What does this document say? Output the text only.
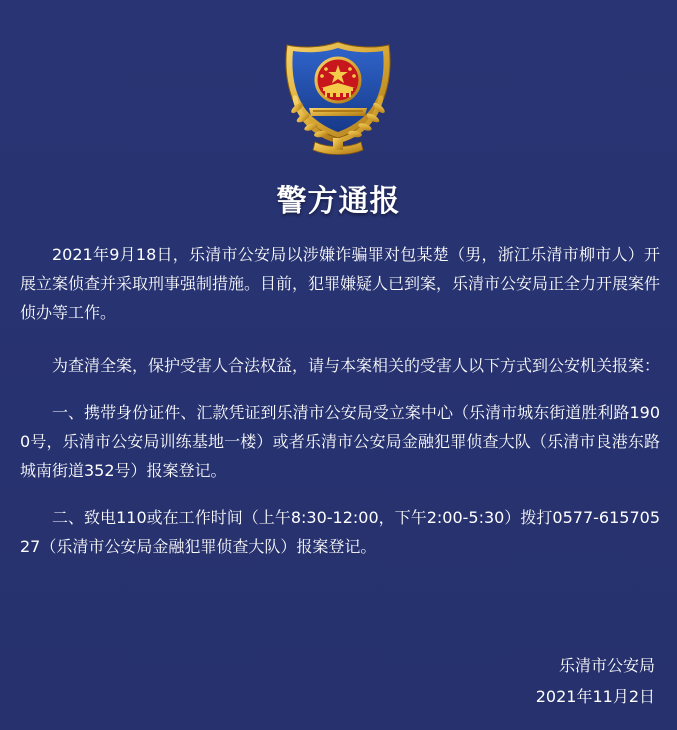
警方通报

2021年9月18日，乐清市公安局以涉嫌诈骗罪对包某楚（男，浙江乐清市柳市人）开展立案侦查并采取刑事强制措施。目前，犯罪嫌疑人已到案，乐清市公安局正全力开展案件侦办等工作。

为查清全案，保护受害人合法权益，请与本案相关的受害人以下方式到公安机关报案：

一、携带身份证件、汇款凭证到乐清市公安局受立案中心（乐清市城东街道胜利路1900号，乐清市公安局训练基地一楼）或者乐清市公安局金融犯罪侦查大队（乐清市良港东路城南街道352号）报案登记。

二、致电110或在工作时间（上午8:30-12:00，下午2:00-5:30）拨打0577-61570527（乐清市公安局金融犯罪侦查大队）报案登记。

乐清市公安局

2021年11月2日
